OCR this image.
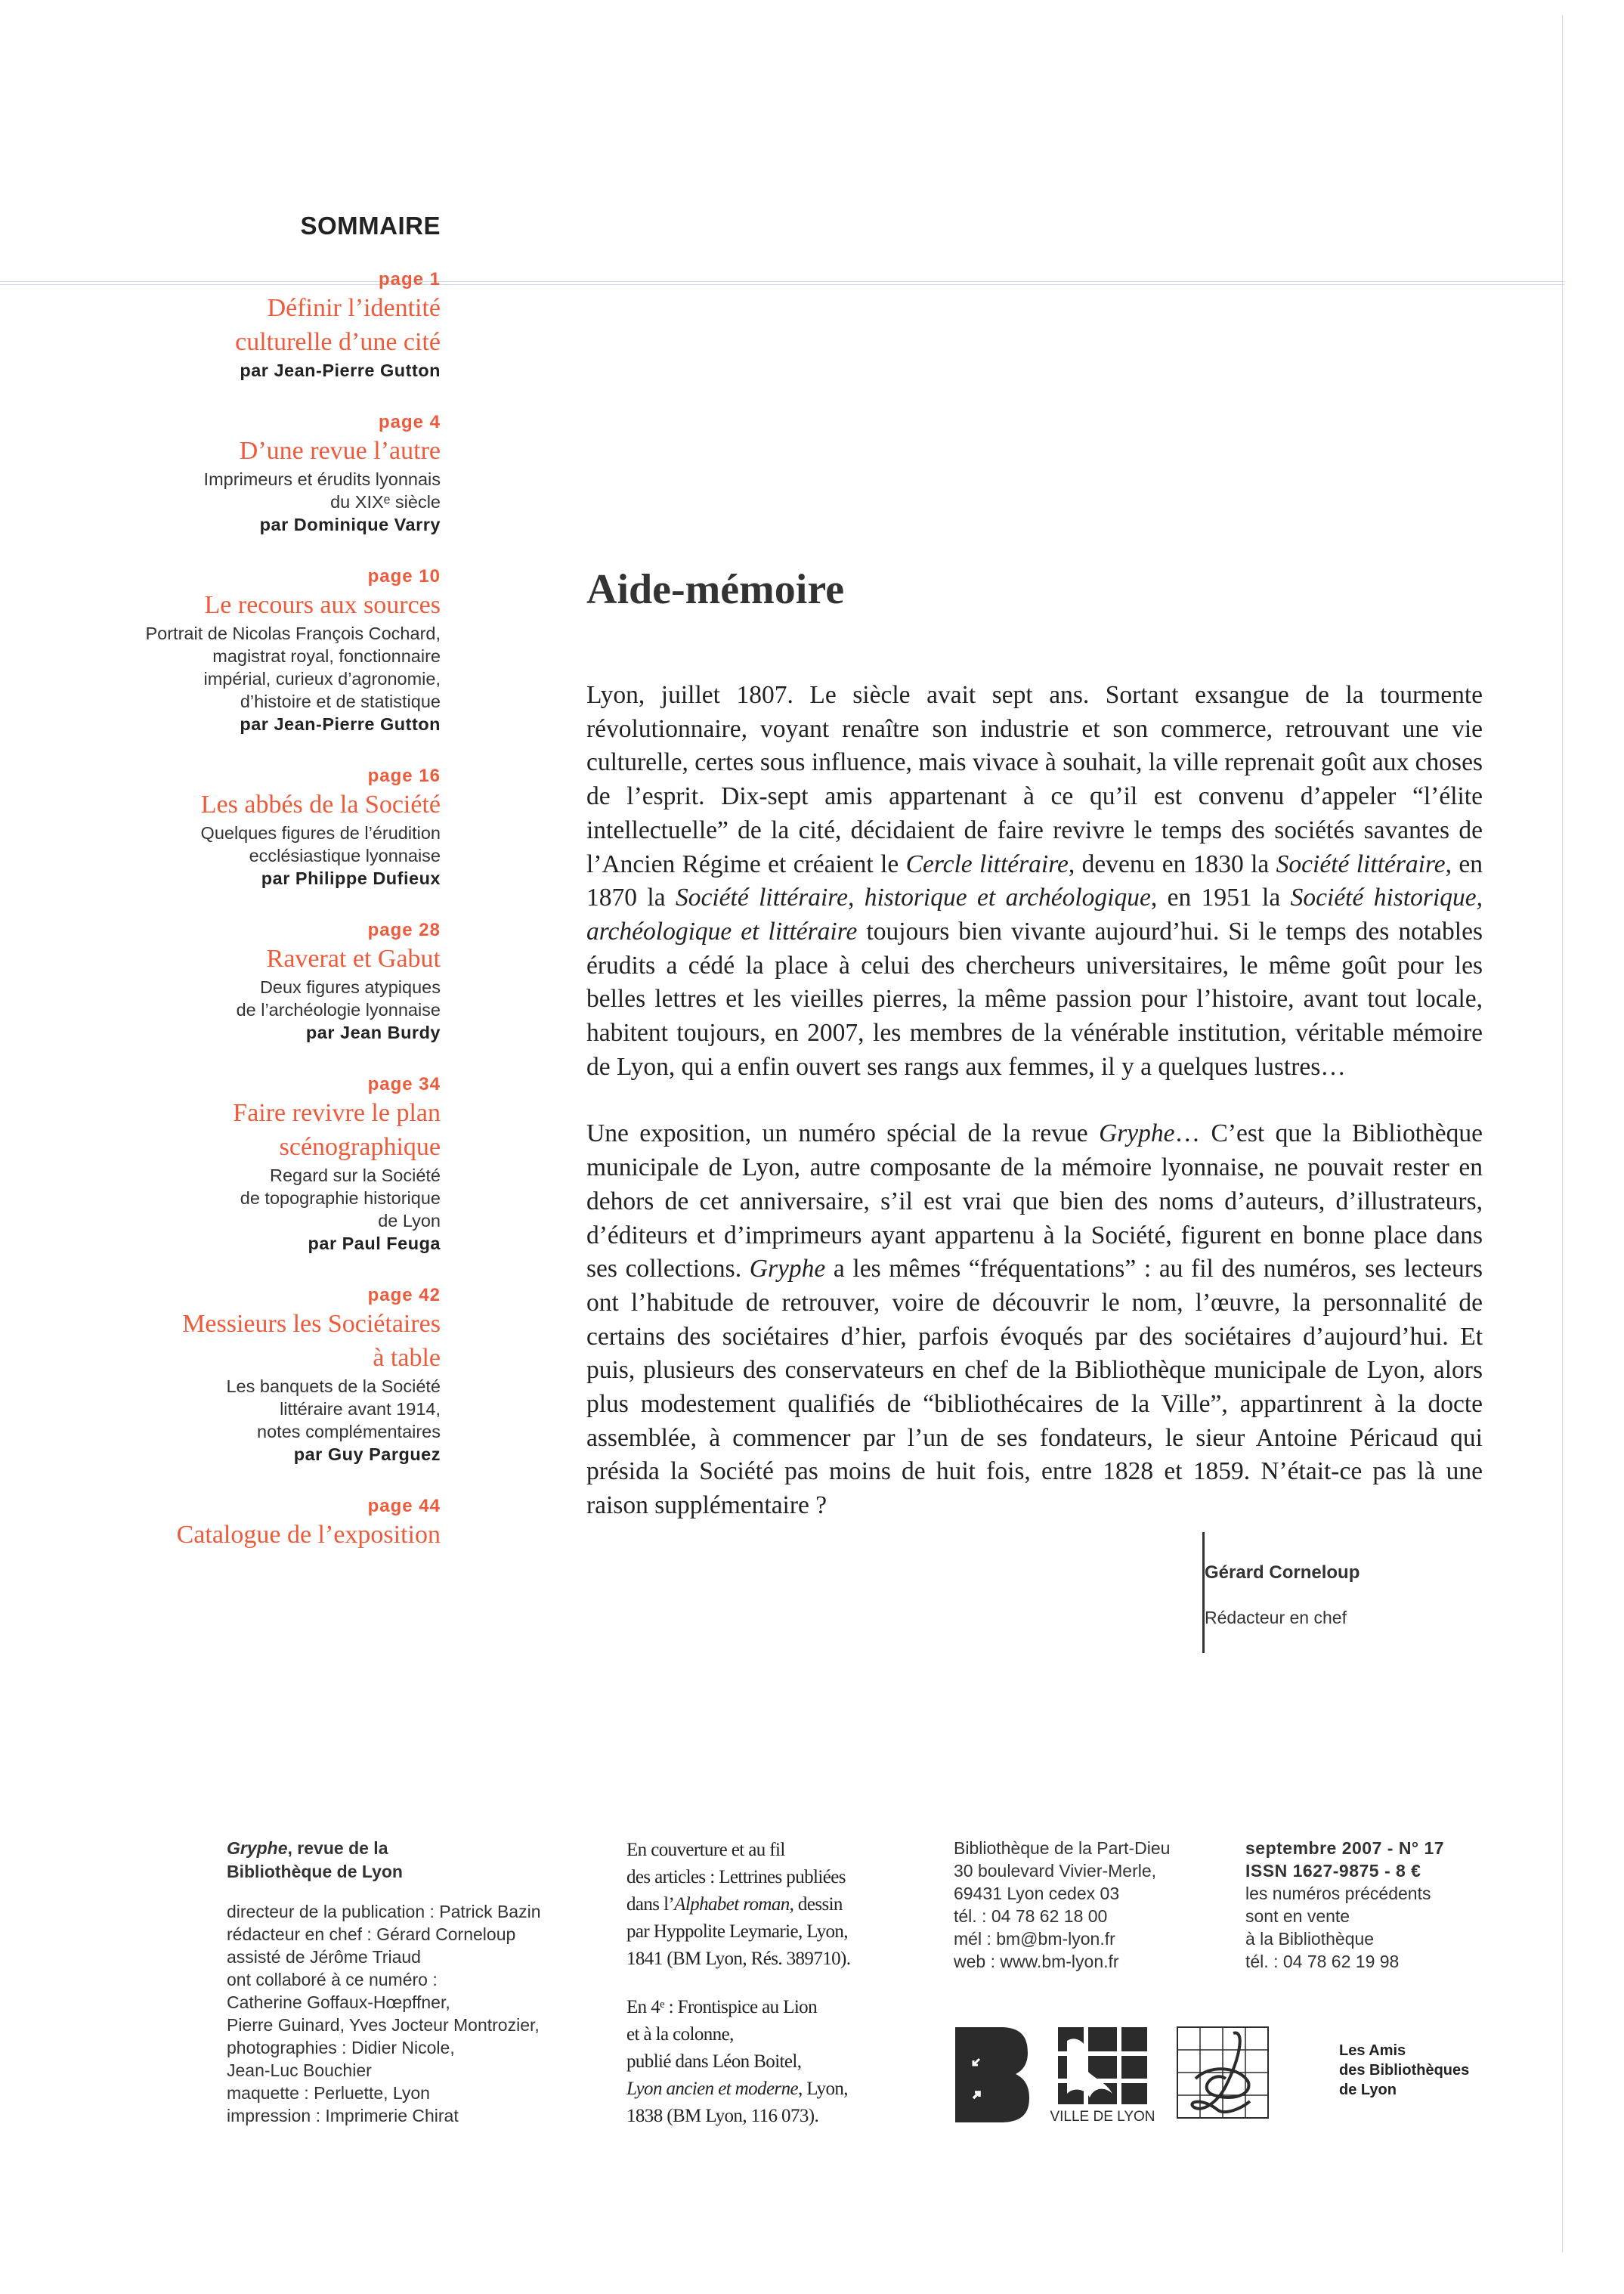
SOMMAIRE
page 1
Définir l’identité
culturelle d’une cité
par Jean-Pierre Gutton
page 4
D’une revue l’autre
Imprimeurs et érudits lyonnais
du XIXᵉ siècle
par Dominique Varry
page 10
Le recours aux sources
Portrait de Nicolas François Cochard,
magistrat royal, fonctionnaire
impérial, curieux d’agronomie,
d’histoire et de statistique
par Jean-Pierre Gutton
page 16
Les abbés de la Société
Quelques figures de l’érudition
ecclésiastique lyonnaise
par Philippe Dufieux
page 28
Raverat et Gabut
Deux figures atypiques
de l’archéologie lyonnaise
par Jean Burdy
page 34
Faire revivre le plan
scénographique
Regard sur la Société
de topographie historique
de Lyon
par Paul Feuga
page 42
Messieurs les Sociétaires
à table
Les banquets de la Société
littéraire avant 1914,
notes complémentaires
par Guy Parguez
page 44
Catalogue de l’exposition
Aide-mémoire

Lyon, juillet 1807. Le siècle avait sept ans. Sortant exsangue de la tourmente révolutionnaire, voyant renaître son industrie et son commerce, retrouvant une vie culturelle, certes sous influence, mais vivace à souhait, la ville reprenait goût aux choses de l’esprit. Dix-sept amis appartenant à ce qu’il est convenu d’appeler “l’élite intellectuelle” de la cité, décidaient de faire revivre le temps des sociétés savantes de l’Ancien Régime et créaient le Cercle littéraire, devenu en 1830 la Société littéraire, en 1870 la Société littéraire, historique et archéologique, en 1951 la Société historique, archéologique et littéraire toujours bien vivante aujourd’hui. Si le temps des notables érudits a cédé la place à celui des chercheurs universitaires, le même goût pour les belles lettres et les vieilles pierres, la même passion pour l’histoire, avant tout locale, habitent toujours, en 2007, les membres de la vénérable institution, véritable mémoire de Lyon, qui a enfin ouvert ses rangs aux femmes, il y a quelques lustres…

Une exposition, un numéro spécial de la revue Gryphe… C’est que la Bibliothèque municipale de Lyon, autre composante de la mémoire lyonnaise, ne pouvait rester en dehors de cet anniversaire, s’il est vrai que bien des noms d’auteurs, d’illustrateurs, d’éditeurs et d’imprimeurs ayant appartenu à la Société, figurent en bonne place dans ses collections. Gryphe a les mêmes “fréquentations” : au fil des numéros, ses lecteurs ont l’habitude de retrouver, voire de découvrir le nom, l’œuvre, la personnalité de certains des sociétaires d’hier, parfois évoqués par des sociétaires d’aujourd’hui. Et puis, plusieurs des conservateurs en chef de la Bibliothèque municipale de Lyon, alors plus modestement qualifiés de “bibliothécaires de la Ville”, appartinrent à la docte assemblée, à commencer par l’un de ses fondateurs, le sieur Antoine Péricaud qui présida la Société pas moins de huit fois, entre 1828 et 1859. N’était-ce pas là une raison supplémentaire ?

Gérard Corneloup
Rédacteur en chef
Gryphe, revue de la
Bibliothèque de Lyon
directeur de la publication : Patrick Bazin
rédacteur en chef : Gérard Corneloup
assisté de Jérôme Triaud
ont collaboré à ce numéro :
Catherine Goffaux-Hœpffner,
Pierre Guinard, Yves Jocteur Montrozier,
photographies : Didier Nicole,
Jean-Luc Bouchier
maquette : Perluette, Lyon
impression : Imprimerie Chirat
En couverture et au fil
des articles : Lettrines publiées
dans l’Alphabet roman, dessin
par Hyppolite Leymarie, Lyon,
1841 (BM Lyon, Rés. 389710).
En 4ᵉ : Frontispice au Lion
et à la colonne,
publié dans Léon Boitel,
Lyon ancien et moderne, Lyon,
1838 (BM Lyon, 116 073).
Bibliothèque de la Part-Dieu
30 boulevard Vivier-Merle,
69431 Lyon cedex 03
tél. : 04 78 62 18 00
mél : bm@bm-lyon.fr
web : www.bm-lyon.fr
septembre 2007 - N° 17
ISSN 1627-9875 - 8 €
les numéros précédents
sont en vente
à la Bibliothèque
tél. : 04 78 62 19 98
VILLE DE LYON
Les Amis
des Bibliothèques
de Lyon
